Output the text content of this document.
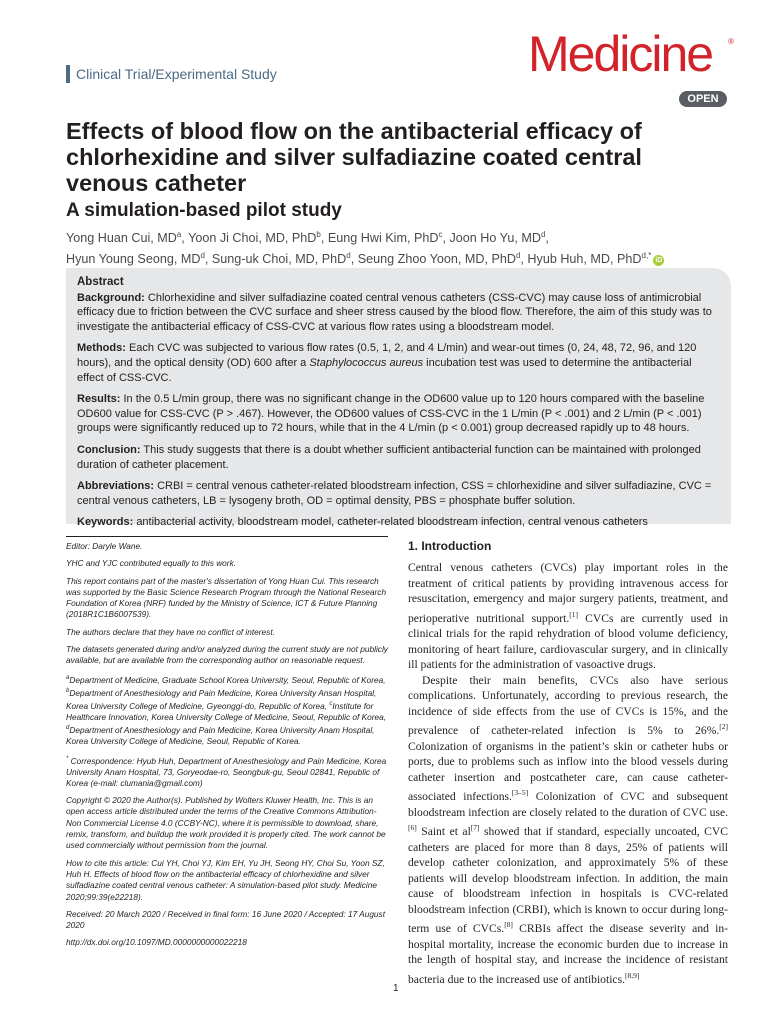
Clinical Trial/Experimental Study	Medicine ®
OPEN
Effects of blood flow on the antibacterial efficacy of chlorhexidine and silver sulfadiazine coated central venous catheter
A simulation-based pilot study
Yong Huan Cui, $MD^a$, Yoon Ji Choi, MD, PhD$^b$, Eung Hwi Kim, PhD$^c$, Joon Ho Yu, $MD^d$,
Hyun Young Seong, $MD^d$, Sung-uk Choi, MD, PhD$^d$, Seung Zhoo Yoon, MD, PhD$^d$, Hyub Huh, MD, PhD$^{d,*}$iD
Abstract

Background: Chlorhexidine and silver sulfadiazine coated central venous catheters (CSS-CVC) may cause loss of antimicrobial efficacy due to friction between the CVC surface and sheer stress caused by the blood flow. Therefore, the aim of this study was to investigate the antibacterial efficacy of CSS-CVC at various flow rates using a bloodstream model.

Methods: Each CVC was subjected to various flow rates (0.5, 1, 2, and 4 L/min) and wear-out times (0, 24, 48, 72, 96, and 120 hours), and the optical density (OD) 600 after a Staphylococcus aureus incubation test was used to determine the antibacterial effect of CSS-CVC.

Results: In the 0.5 L/min group, there was no significant change in the OD600 value up to 120 hours compared with the baseline OD600 value for CSS-CVC (P > .467). However, the OD600 values of CSS-CVC in the 1 L/min (P < .001) and 2 L/min (P < .001) groups were significantly reduced up to 72 hours, while that in the 4 L/min (p < 0.001) group decreased rapidly up to 48 hours.

Conclusion: This study suggests that there is a doubt whether sufficient antibacterial function can be maintained with prolonged duration of catheter placement.

Abbreviations: CRBI = central venous catheter-related bloodstream infection, CSS = chlorhexidine and silver sulfadiazine, CVC = central venous catheters, LB = lysogeny broth, OD = optimal density, PBS = phosphate buffer solution.

Keywords: antibacterial activity, bloodstream model, catheter-related bloodstream infection, central venous catheters

Editor: Daryle Wane.

YHC and YJC contributed equally to this work.

This report contains part of the master's dissertation of Yong Huan Cui. This research was supported by the Basic Science Research Program through the National Research Foundation of Korea (NRF) funded by the Ministry of Science, ICT & Future Planning (2018R1C1B6007539).

The authors declare that they have no conflict of interest.

The datasets generated during and/or analyzed during the current study are not publicly available, but are available from the corresponding author on reasonable request.

$^a$Department of Medicine, Graduate School Korea University, Seoul, Republic of Korea, $^b$Department of Anesthesiology and Pain Medicine, Korea University Ansan Hospital, Korea University College of Medicine, Gyeonggi-do, Republic of Korea, $^c$Institute for Healthcare Innovation, Korea University College of Medicine, Seoul, Republic of Korea, $^d$Department of Anesthesiology and Pain Medicine, Korea University Anam Hospital, Korea University College of Medicine, Seoul, Republic of Korea.

* Correspondence: Hyub Huh, Department of Anesthesiology and Pain Medicine, Korea University Anam Hospital, 73, Goryeodae-ro, Seongbuk-gu, Seoul 02841, Republic of Korea (e-mail: clumania@gmail.com)

Copyright © 2020 the Author(s). Published by Wolters Kluwer Health, Inc. This is an open access article distributed under the terms of the Creative Commons Attribution-Non Commercial License 4.0 (CCBY-NC), where it is permissible to download, share, remix, transform, and buildup the work provided it is properly cited. The work cannot be used commercially without permission from the journal.

How to cite this article: Cui YH, Choi YJ, Kim EH, Yu JH, Seong HY, Choi Su, Yoon SZ, Huh H. Effects of blood flow on the antibacterial efficacy of chlorhexidine and silver sulfadiazine coated central venous catheter: A simulation-based pilot study. Medicine 2020;99:39(e22218).

Received: 20 March 2020 / Received in final form: 16 June 2020 / Accepted: 17 August 2020

http://dx.doi.org/10.1097/MD.0000000000022218

1. Introduction

Central venous catheters (CVCs) play important roles in the treatment of critical patients by providing intravenous access for resuscitation, emergency and major surgery patients, treatment, and perioperative nutritional support.[1] CVCs are currently used in clinical trials for the rapid rehydration of blood volume deficiency, monitoring of heart failure, cardiovascular surgery, and in clinically ill patients for the administration of vasoactive drugs.

Despite their main benefits, CVCs also have serious complications. Unfortunately, according to previous research, the incidence of side effects from the use of CVCs is 15%, and the prevalence of catheter-related infection is 5% to 26%.[2] Colonization of organisms in the patient’s skin or catheter hubs or ports, due to problems such as inflow into the blood vessels during catheter insertion and postcatheter care, can cause catheter-associated infections.[3–5] Colonization of CVC and subsequent bloodstream infection are closely related to the duration of CVC use.[6] Saint et al[7] showed that if standard, especially uncoated, CVC catheters are placed for more than 8 days, 25% of patients will develop catheter colonization, and approximately 5% of these patients will develop bloodstream infection. In addition, the main cause of bloodstream infection in hospitals is CVC-related bloodstream infection (CRBI), which is known to occur during long-term use of CVCs.[8] CRBIs affect the disease severity and in-hospital mortality, increase the economic burden due to increase in the length of hospital stay, and increase the incidence of resistant bacteria due to the increased use of antibiotics.[8,9]

1
